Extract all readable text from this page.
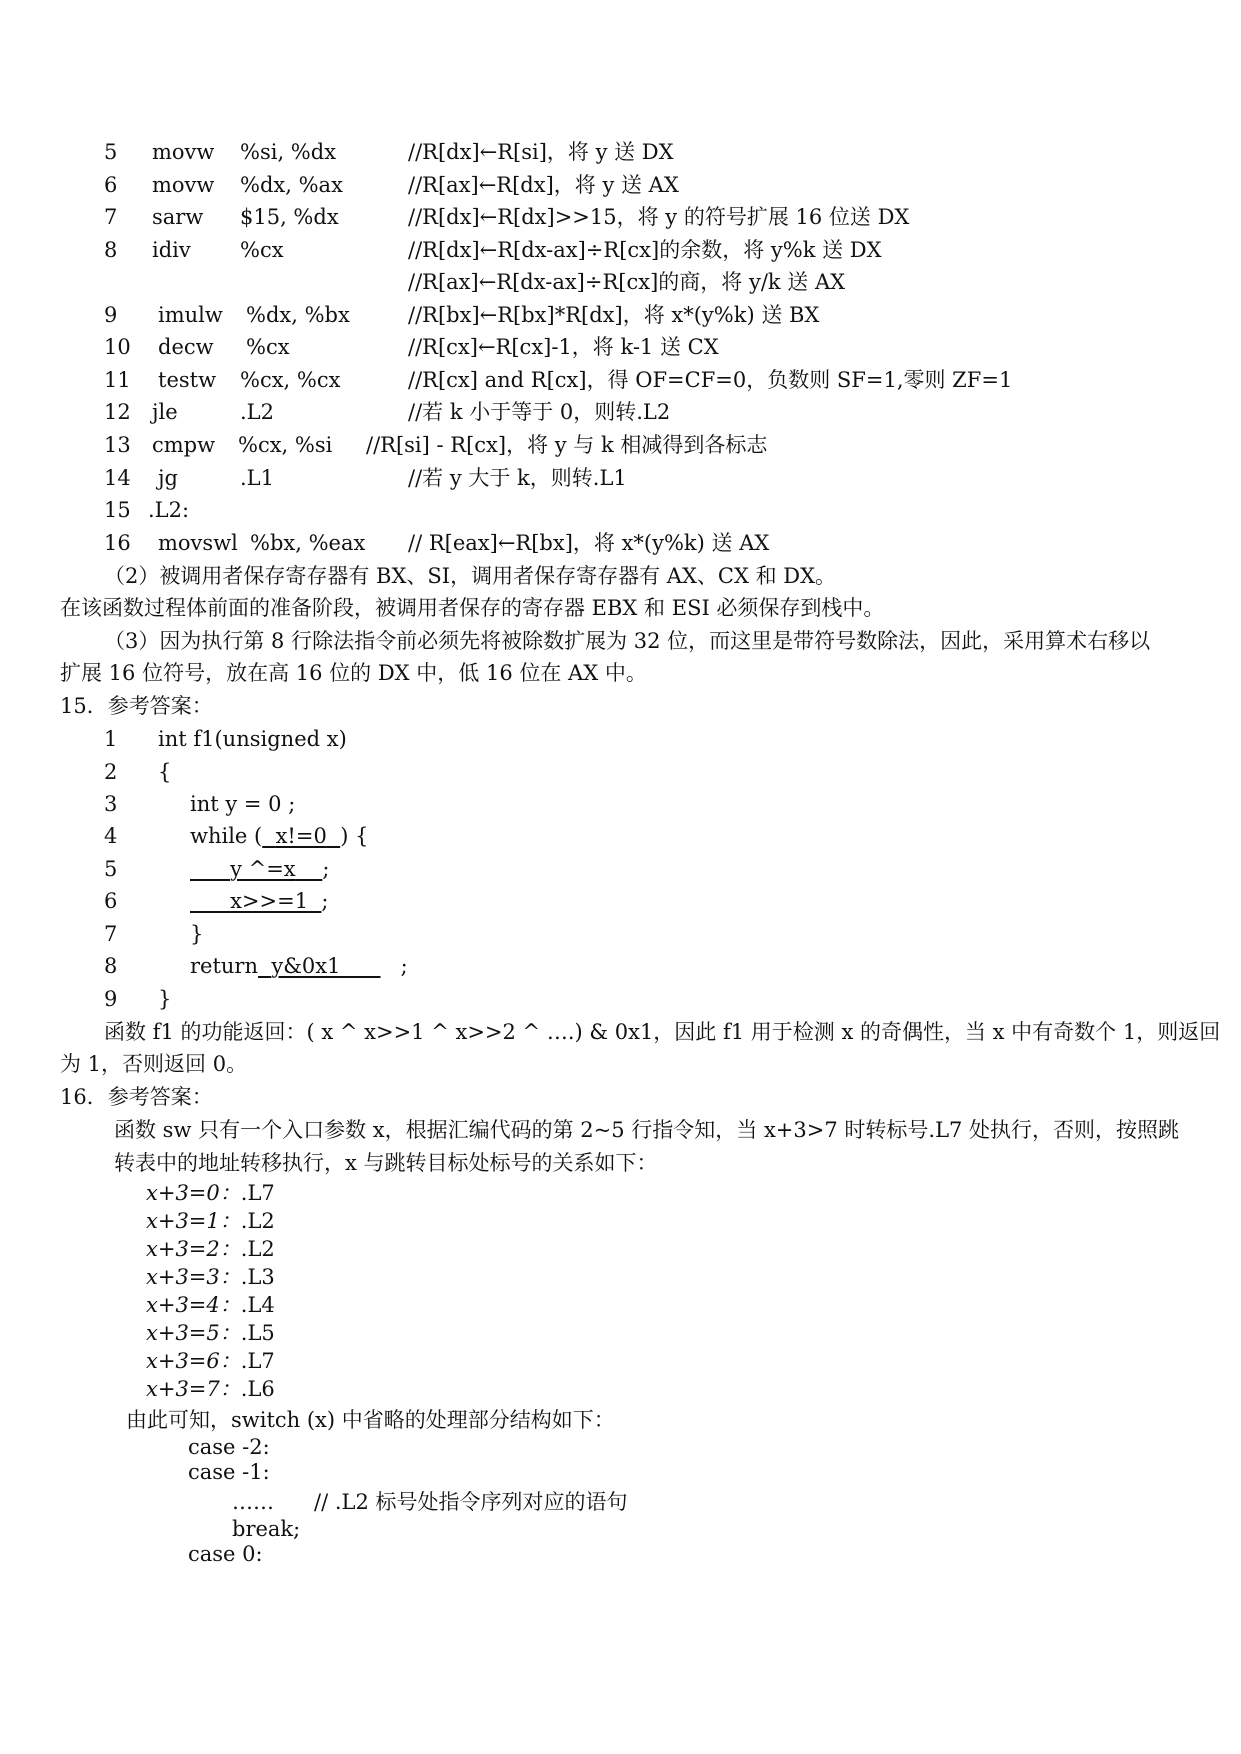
5 movw %si, %dx	//R[dx]←R[si]，将 y 送 DX
6 movw %dx, %ax	//R[ax]←R[dx]，将 y 送 AX
7 sarw $15, %dx	//R[dx]←R[dx]>>15，将 y 的符号扩展 16 位送 DX
8 idiv %cx	//R[dx]←R[dx-ax]÷R[cx]的余数，将 y%k 送 DX
//R[ax]←R[dx-ax]÷R[cx]的商，将 y/k 送 AX
9 imulw %dx, %bx	//R[bx]←R[bx]*R[dx]，将 x*(y%k) 送 BX
10 decw %cx	//R[cx]←R[cx]-1，将 k-1 送 CX
11 testw %cx, %cx	//R[cx] and R[cx]，得 OF=CF=0，负数则 SF=1,零则 ZF=1
12 jle	.L2	//若 k 小于等于 0，则转.L2
13 cmpw %cx, %si //R[si] - R[cx]，将 y 与 k 相减得到各标志
14 jg	.L1	//若 y 大于 k，则转.L1
15 .L2:
16 movswl %bx, %eax // R[eax]←R[bx]，将 x*(y%k) 送 AX
（2）被调用者保存寄存器有 BX、SI，调用者保存寄存器有 AX、CX 和 DX。
在该函数过程体前面的准备阶段，被调用者保存的寄存器 EBX 和 ESI 必须保存到栈中。
（3）因为执行第 8 行除法指令前必须先将被除数扩展为 32 位，而这里是带符号数除法，因此，采用算术右移以
扩展 16 位符号，放在高 16 位的 DX 中，低 16 位在 AX 中。
15．参考答案：
1 int f1(unsigned x)
2 {
3	int y = 0 ;
4	while ( x!=0 ) {
5	y ^=x ;
6	x>>=1 ;
7	}
8	return y&0x1	;
9 }
函数 f1 的功能返回：( x ^ x>>1 ^ x>>2 ^ ….) & 0x1，因此 f1 用于检测 x 的奇偶性，当 x 中有奇数个 1，则返回
为 1，否则返回 0。
16．参考答案：
函数 sw 只有一个入口参数 x，根据汇编代码的第 2~5 行指令知，当 x+3>7 时转标号.L7 处执行，否则，按照跳
转表中的地址转移执行，x 与跳转目标处标号的关系如下：
x+3=0：.L7
x+3=1：.L2
x+3=2：.L2
x+3=3：.L3
x+3=4：.L4
x+3=5：.L5
x+3=6：.L7
x+3=7：.L6
由此可知，switch (x) 中省略的处理部分结构如下：
case -2:
case -1:
…… // .L2 标号处指令序列对应的语句
break;
case 0:
